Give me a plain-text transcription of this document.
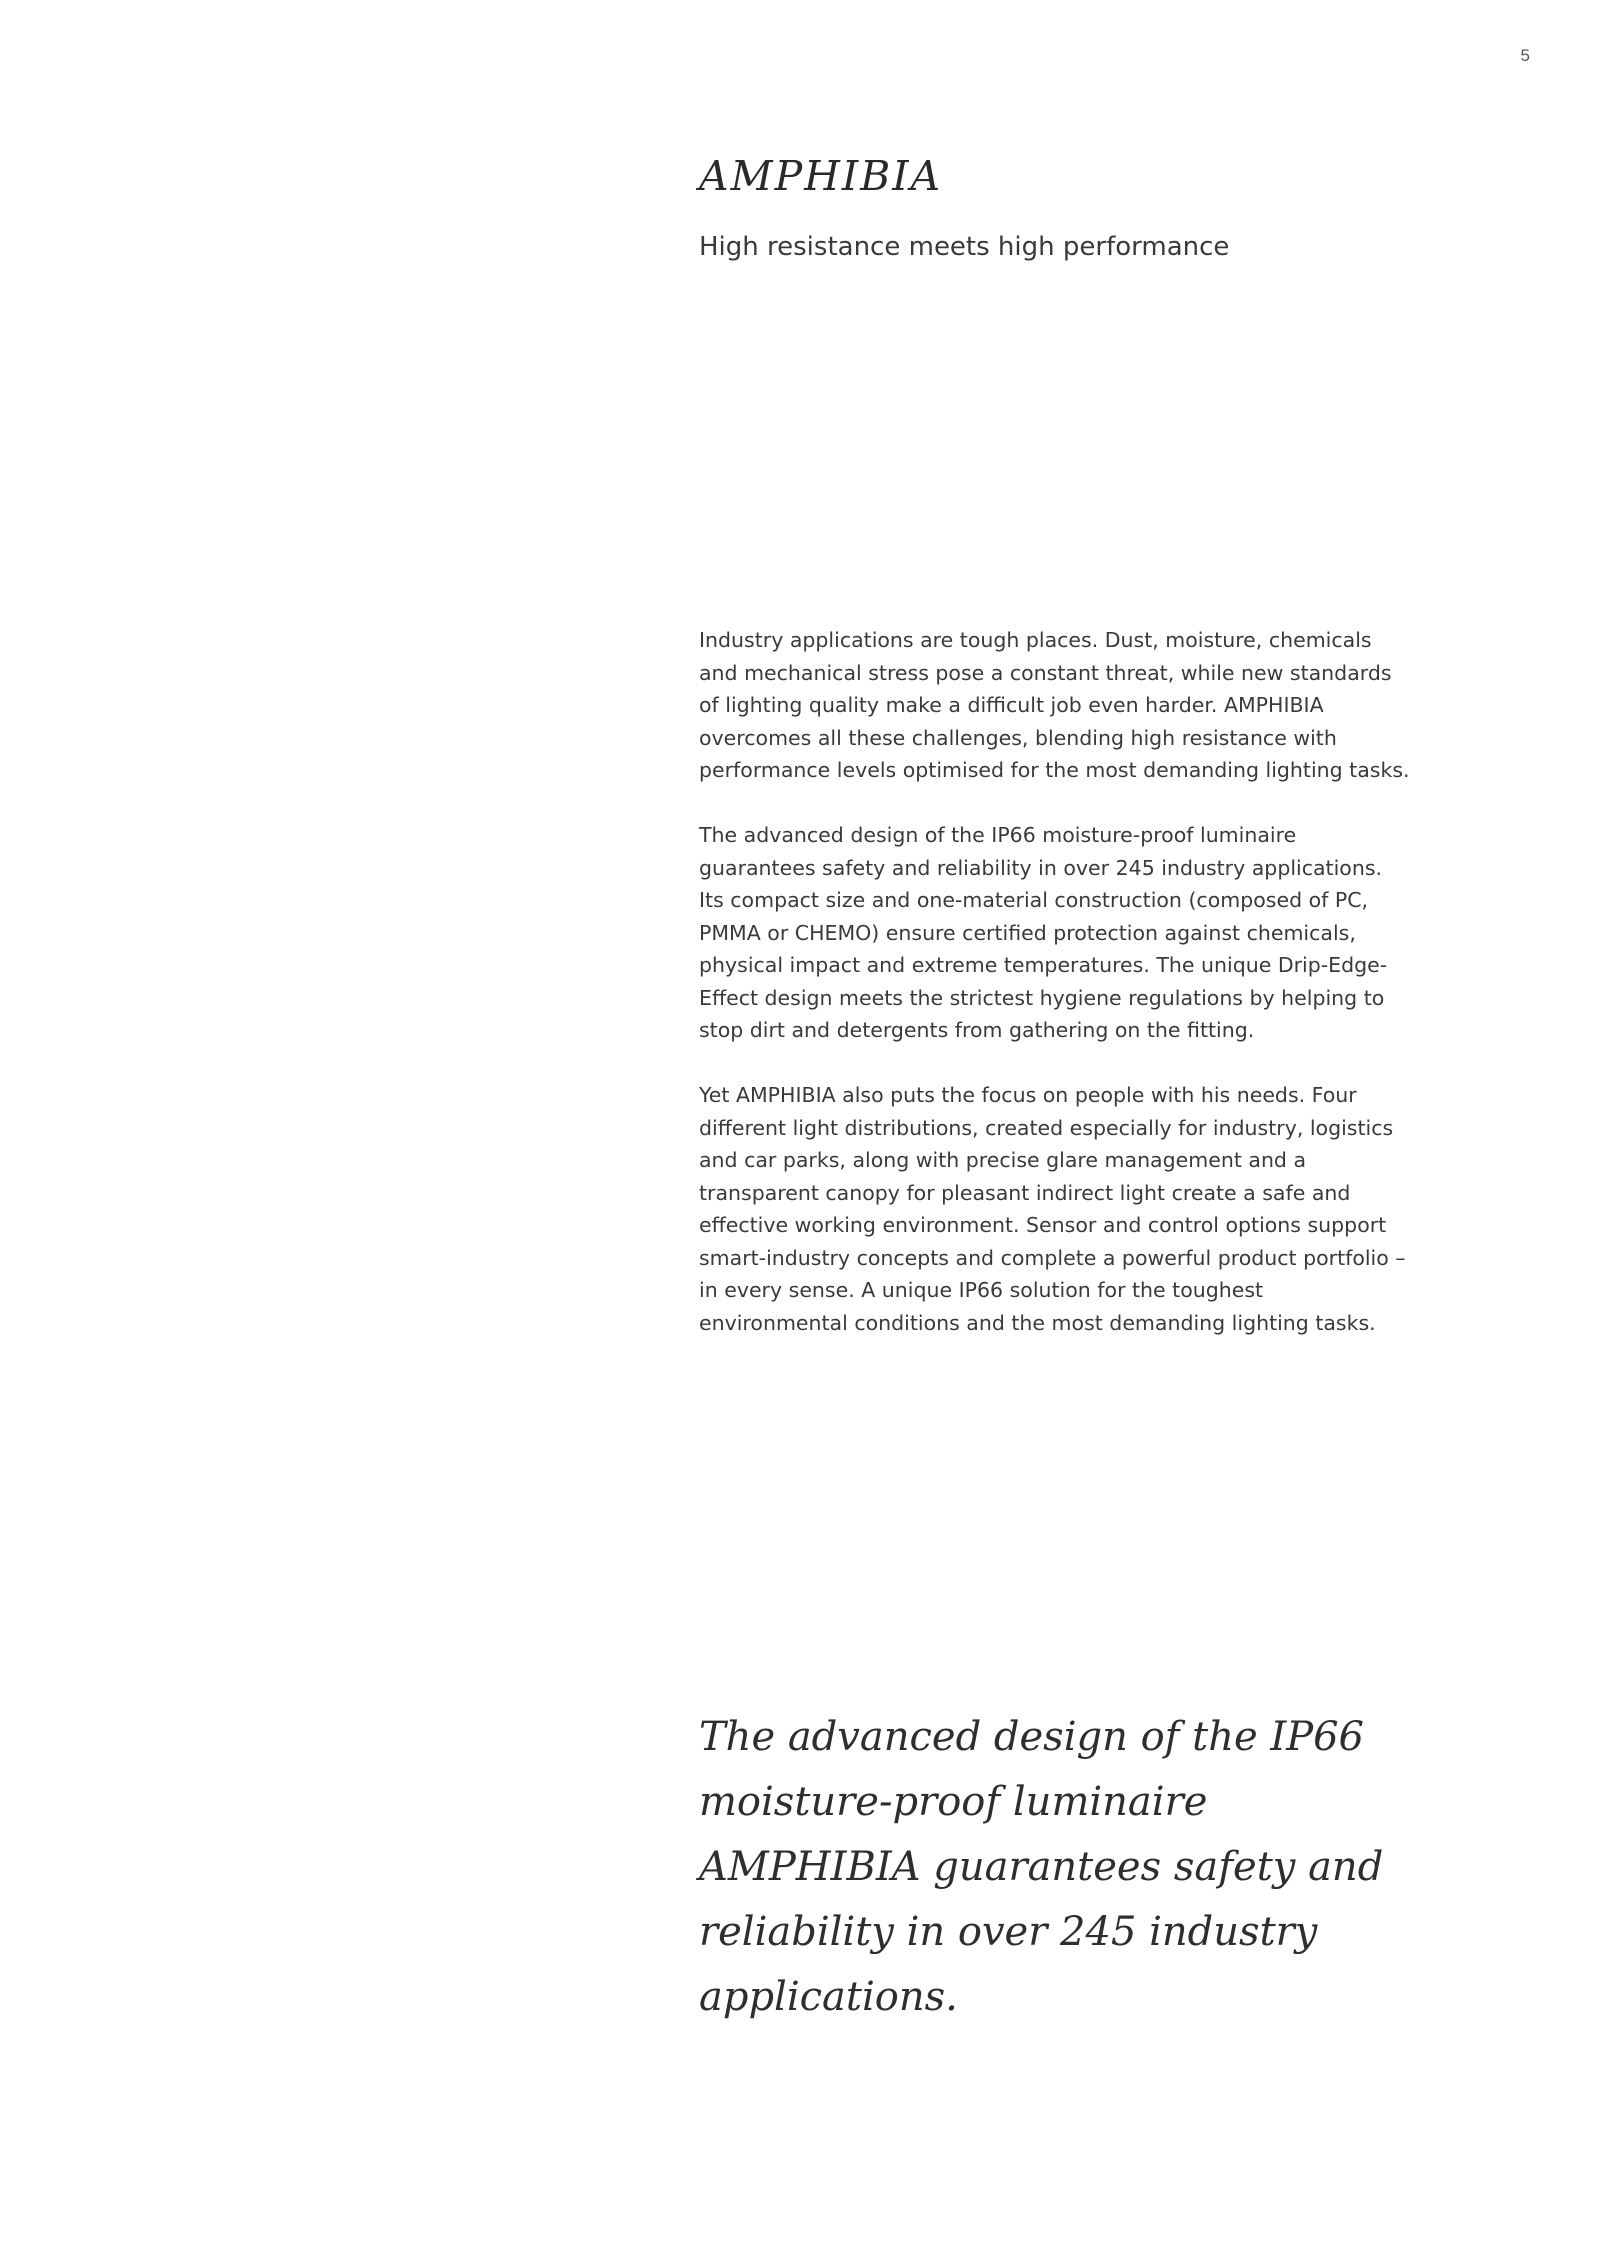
5
AMPHIBIA
High resistance meets high performance

Industry applications are tough places. Dust, moisture, chemicals and mechanical stress pose a constant threat, while new standards of lighting quality make a difficult job even harder. AMPHIBIA overcomes all these challenges, blending high resistance with performance levels optimised for the most demanding lighting tasks.

The advanced design of the IP66 moisture-proof luminaire guarantees safety and reliability in over 245 industry applications. Its compact size and one-material construction (composed of PC, PMMA or CHEMO) ensure certified protection against chemicals, physical impact and extreme temperatures. The unique Drip-Edge-Effect design meets the strictest hygiene regulations by helping to stop dirt and detergents from gathering on the fitting.

Yet AMPHIBIA also puts the focus on people with his needs. Four different light distributions, created especially for industry, logistics and car parks, along with precise glare management and a transparent canopy for pleasant indirect light create a safe and effective working environment. Sensor and control options support smart-industry concepts and complete a powerful product portfolio – in every sense. A unique IP66 solution for the toughest environmental conditions and the most demanding lighting tasks.

The advanced design of the IP66 moisture-proof luminaire AMPHIBIA guarantees safety and reliability in over 245 industry applications.
